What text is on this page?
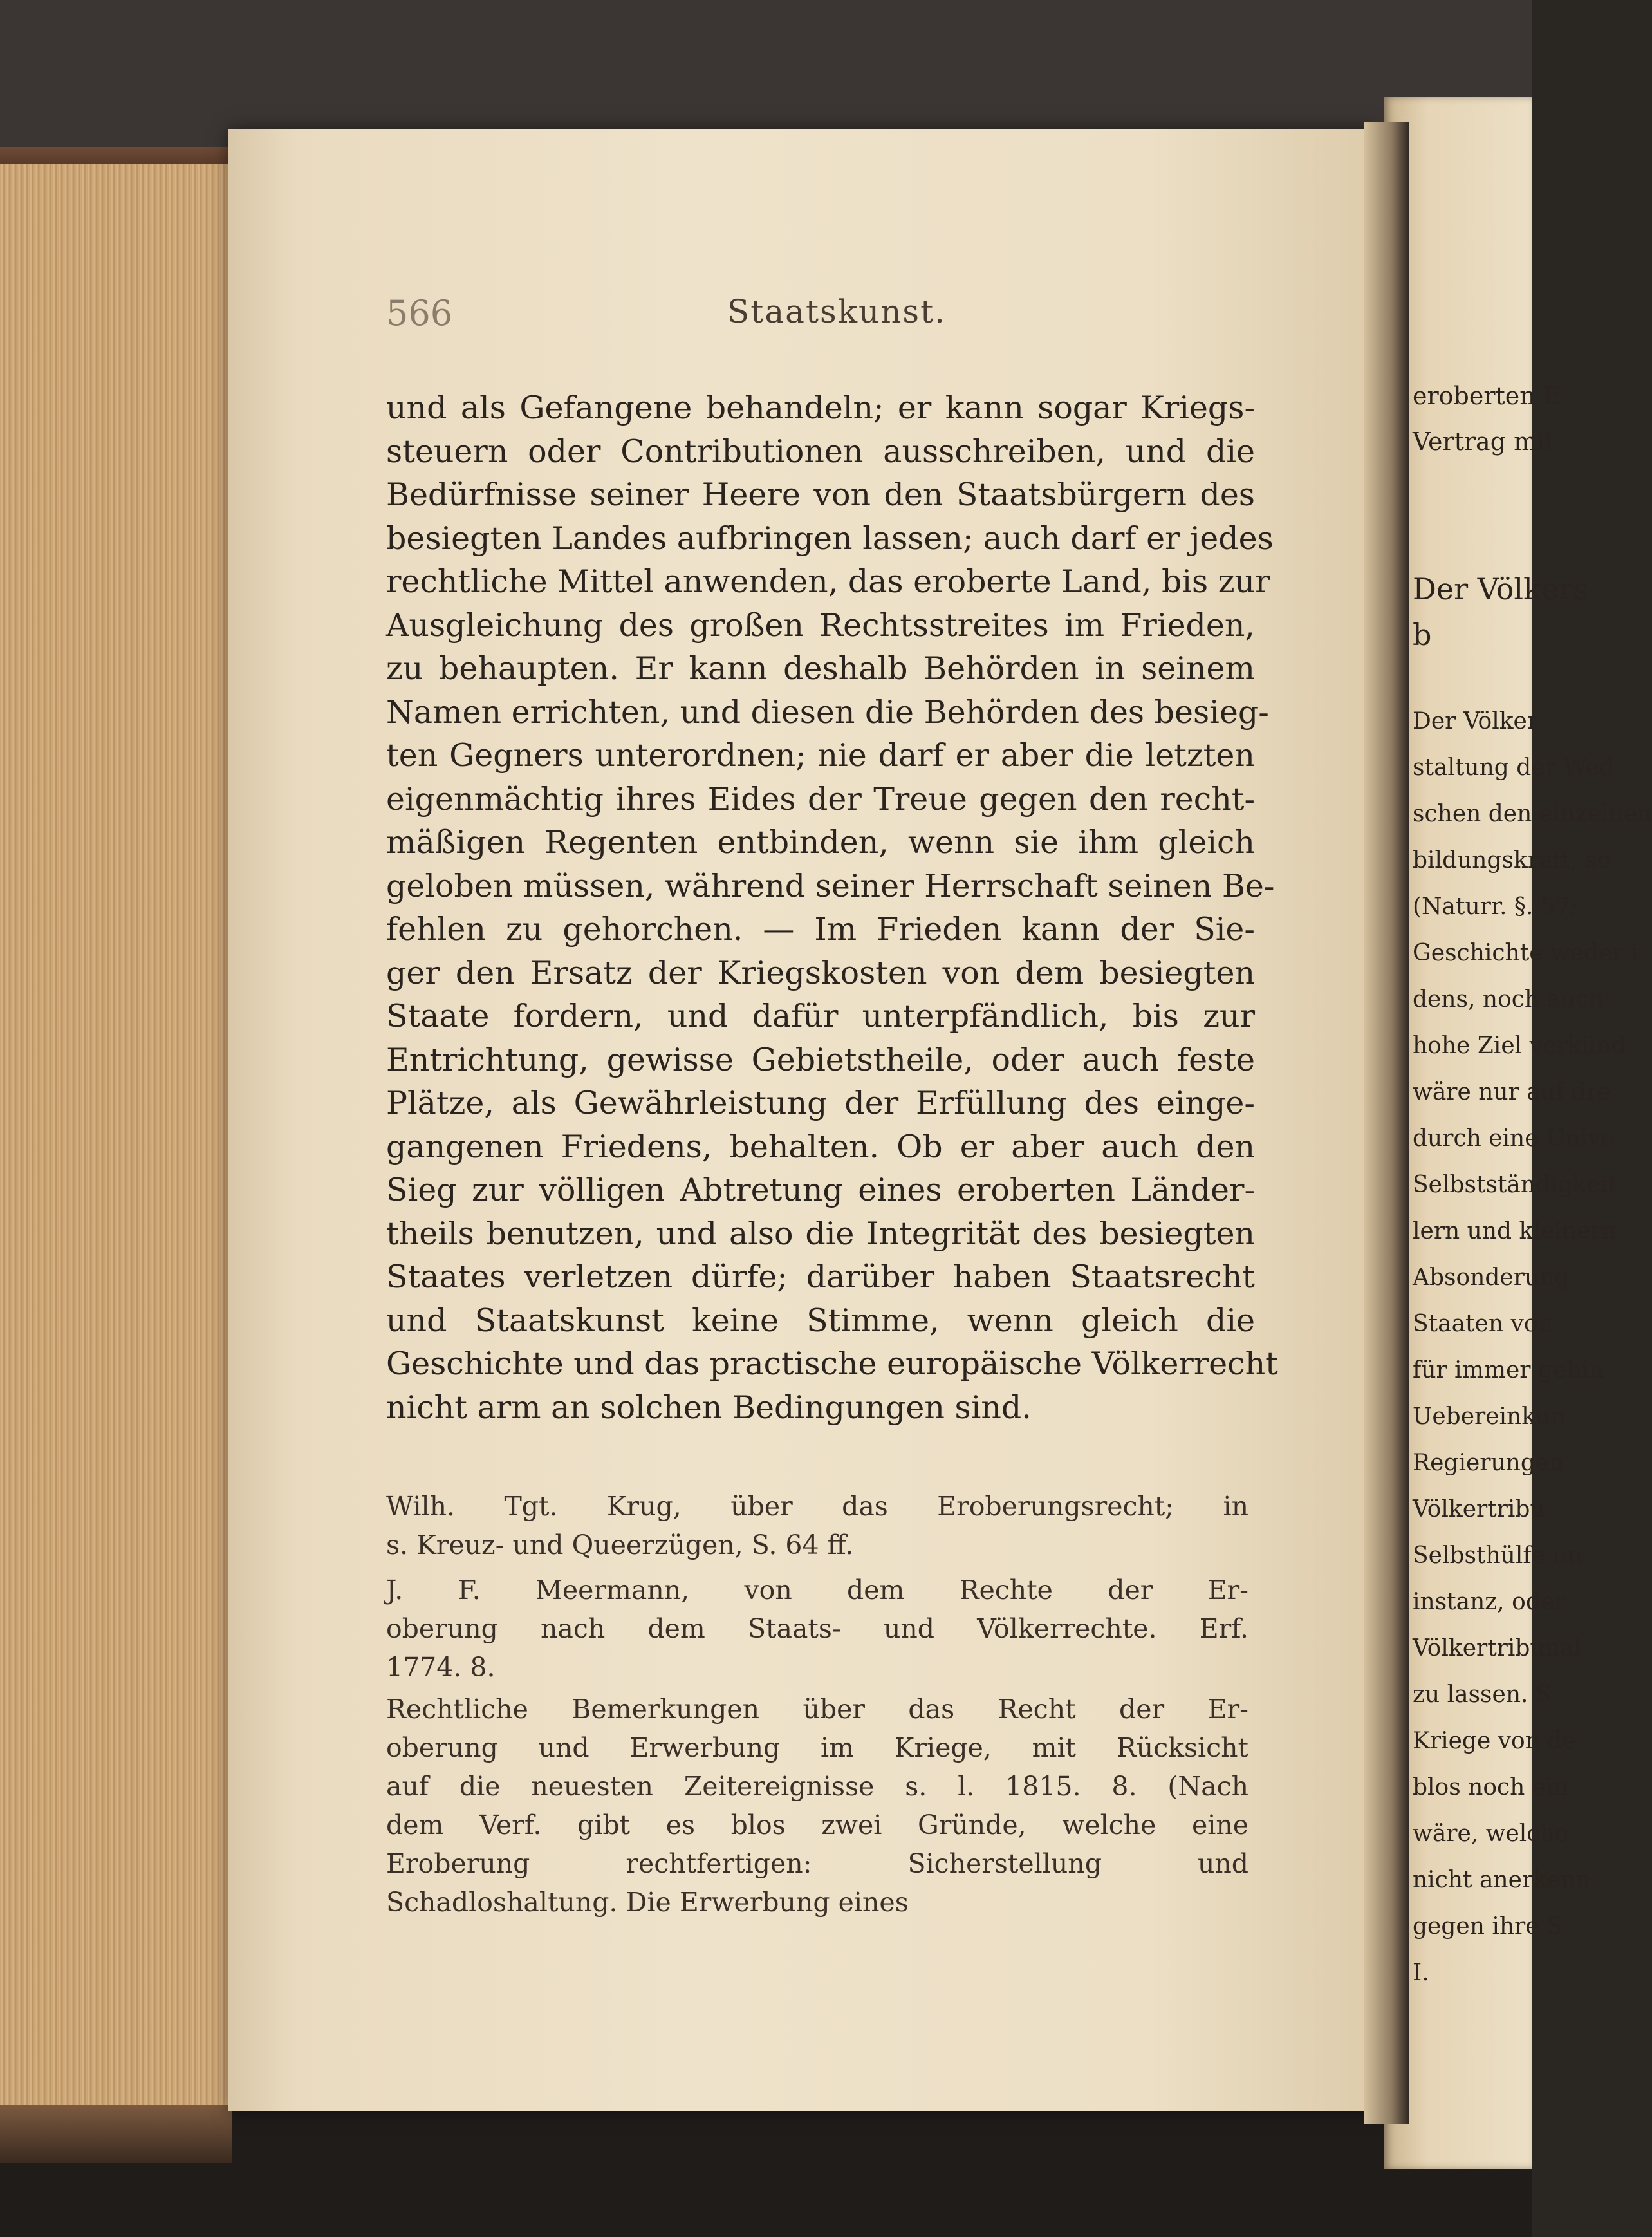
566	Staatskunst.
und als Gefangene behandeln; er kann sogar Kriegs-
steuern oder Contributionen ausschreiben, und die
Bedürfnisse seiner Heere von den Staatsbürgern des
besiegten Landes aufbringen lassen; auch darf er jedes
rechtliche Mittel anwenden, das eroberte Land, bis zur
Ausgleichung des großen Rechtsstreites im Frieden,
zu behaupten. Er kann deshalb Behörden in seinem
Namen errichten, und diesen die Behörden des besieg-
ten Gegners unterordnen; nie darf er aber die letzten
eigenmächtig ihres Eides der Treue gegen den recht-
mäßigen Regenten entbinden, wenn sie ihm gleich
geloben müssen, während seiner Herrschaft seinen Be-
fehlen zu gehorchen. — Im Frieden kann der Sie-
ger den Ersatz der Kriegskosten von dem besiegten
Staate fordern, und dafür unterpfändlich, bis zur
Entrichtung, gewisse Gebietstheile, oder auch feste
Plätze, als Gewährleistung der Erfüllung des einge-
gangenen Friedens, behalten. Ob er aber auch den
Sieg zur völligen Abtretung eines eroberten Länder-
theils benutzen, und also die Integrität des besiegten
Staates verletzen dürfe; darüber haben Staatsrecht
und Staatskunst keine Stimme, wenn gleich die
Geschichte und das practische europäische Völkerrecht
nicht arm an solchen Bedingungen sind.
Wilh. Tgt. Krug, über das Eroberungsrecht; in
s. Kreuz- und Queerzügen, S. 64 ff.
J. F. Meermann, von dem Rechte der Er-
oberung nach dem Staats- und Völkerrechte. Erf.
1774. 8.
Rechtliche Bemerkungen über das Recht der Er-
oberung und Erwerbung im Kriege, mit Rücksicht
auf die neuesten Zeitereignisse s. l. 1815. 8. (Nach
dem Verf. gibt es blos zwei Gründe, welche eine
Eroberung rechtfertigen: Sicherstellung und
Schadloshaltung. Die Erwerbung eines
eroberten E
Vertrag mit
Der Völkers
b
Der Völker
staltung der Wed
schen den einzelnen
bildungskraft, so
(Naturr. §. 57;
Geschichte weder i
dens, noch auch
hohe Ziel verkünd
wäre nur auf dre
durch eine Unive
Selbstständigkeit
lern und kleinern
Absonderung
Staaten von
für immer gehin
Uebereinkun
Regierungen
Völkertribu
Selbsthülfe un
instanz, oder
Völkertribunal
zu lassen. S
Kriege von de
blos noch ein
wäre, welche
nicht anerkenn
gegen ihre S
I.
